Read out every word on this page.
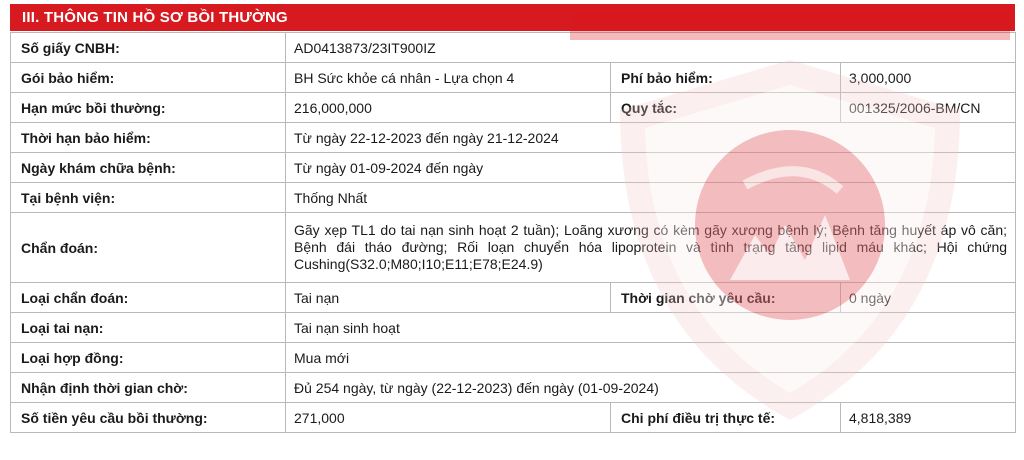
III. THÔNG TIN HỒ SƠ BỒI THƯỜNG
Số giấy CNBH:	AD0413873/23IT900IZ		
Gói bảo hiểm:	BH Sức khỏe cá nhân - Lựa chọn 4	Phí bảo hiểm:	3,000,000
Hạn mức bồi thường:	216,000,000	Quy tắc:	001325/2006-BM/CN
Thời hạn bảo hiểm:	Từ ngày 22-12-2023 đến ngày 21-12-2024		
Ngày khám chữa bệnh:	Từ ngày 01-09-2024 đến ngày		
Tại bệnh viện:	Thống Nhất		
Chẩn đoán:	Gãy xẹp TL1 do tai nạn sinh hoạt 2 tuần); Loãng xương có kèm gãy xương bệnh lý; Bệnh tăng huyết áp vô căn; Bệnh đái tháo đường; Rối loạn chuyển hóa lipoprotein và tình trạng tăng lipid máu khác; Hội chứng Cushing(S32.0;M80;I10;E11;E78;E24.9)		
Loại chẩn đoán:	Tai nạn	Thời gian chờ yêu cầu:	0 ngày
Loại tai nạn:	Tai nạn sinh hoạt		
Loại hợp đồng:	Mua mới		
Nhận định thời gian chờ:	Đủ 254 ngày, từ ngày (22-12-2023) đến ngày (01-09-2024)		
Số tiền yêu cầu bồi thường:	271,000	Chi phí điều trị thực tế:	4,818,389
